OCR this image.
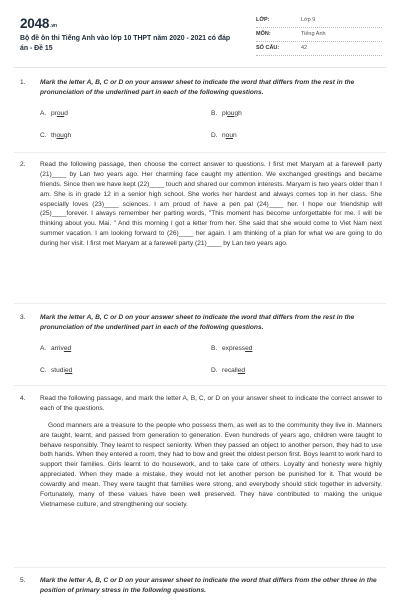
$2048^{.vn}$
Bộ đề ôn thi Tiếng Anh vào lớp 10 THPT năm 2020 - 2021 có đáp án - Đề 15
LỚP:	Lớp 9
MÔN:	Tiếng Anh
SỐ CÂU:	42
1. Mark the letter A, B, C or D on your answer sheet to indicate the word that differs from the rest in the pronunciation of the underlined part in each of the following questions.
A. proud	B. plough
C. though	D. noun
2. Read the following passage, then choose the correct answer to questions. I first met Maryam at a farewell party (21)____ by Lan two years ago. Her charming face caught my attention. We exchanged greetings and became friends. Since then we have kept (22)____ touch and shared our common interests. Maryam is two years older than I am. She is in grade 12 in a senior high school. She works her hardest and always comes top in her class. She especially loves (23)____ sciences. I am proud of have a pen pal (24)____ her. I hope our friendship will (25)____forever. I always remember her parting words, "This moment has become unforgettable for me. I will be thinking about you. Mai. " And this morning I got a letter from her. She said that she would come to Viet Nam next summer vacation. I am looking forward to (26)____ her again. I am thinking of a plan for what we are going to do during her visit. I first met Maryam at a farewell party (21)____ by Lan two years ago.
3. Mark the letter A, B, C or D on your answer sheet to indicate the word that differs from the rest in the pronunciation of the underlined part in each of the following questions.
A. arrived	B. expressed
C. studied	D. recalled
4. Read the following passage, and mark the letter A, B, C, or D on your answer sheet to indicate the correct answer to each of the questions.
Good manners are a treasure to the people who possess them, as well as to the community they live in. Manners are taught, learnt, and passed from generation to generation. Even hundreds of years ago, children were taught to behave responsibly. They learnt to respect seniority. When they passed an object to another person, they had to use both hands. When they entered a room, they had to bow and greet the oldest person first. Boys learnt to work hard to support their families. Girls learnt to do housework, and to take care of others. Loyalty and honesty were highly appreciated. When they made a mistake, they would not let another person be punished for it. That would be cowardly and mean. They were taught that families were strong, and everybody should stick together in adversity. Fortunately, many of these values have been well preserved. They have contributed to making the unique Vietnamese culture, and strengthening our society.
5. Mark the letter A, B, C or D on your answer sheet to indicate the word that differs from the other three in the position of primary stress in the following questions.
